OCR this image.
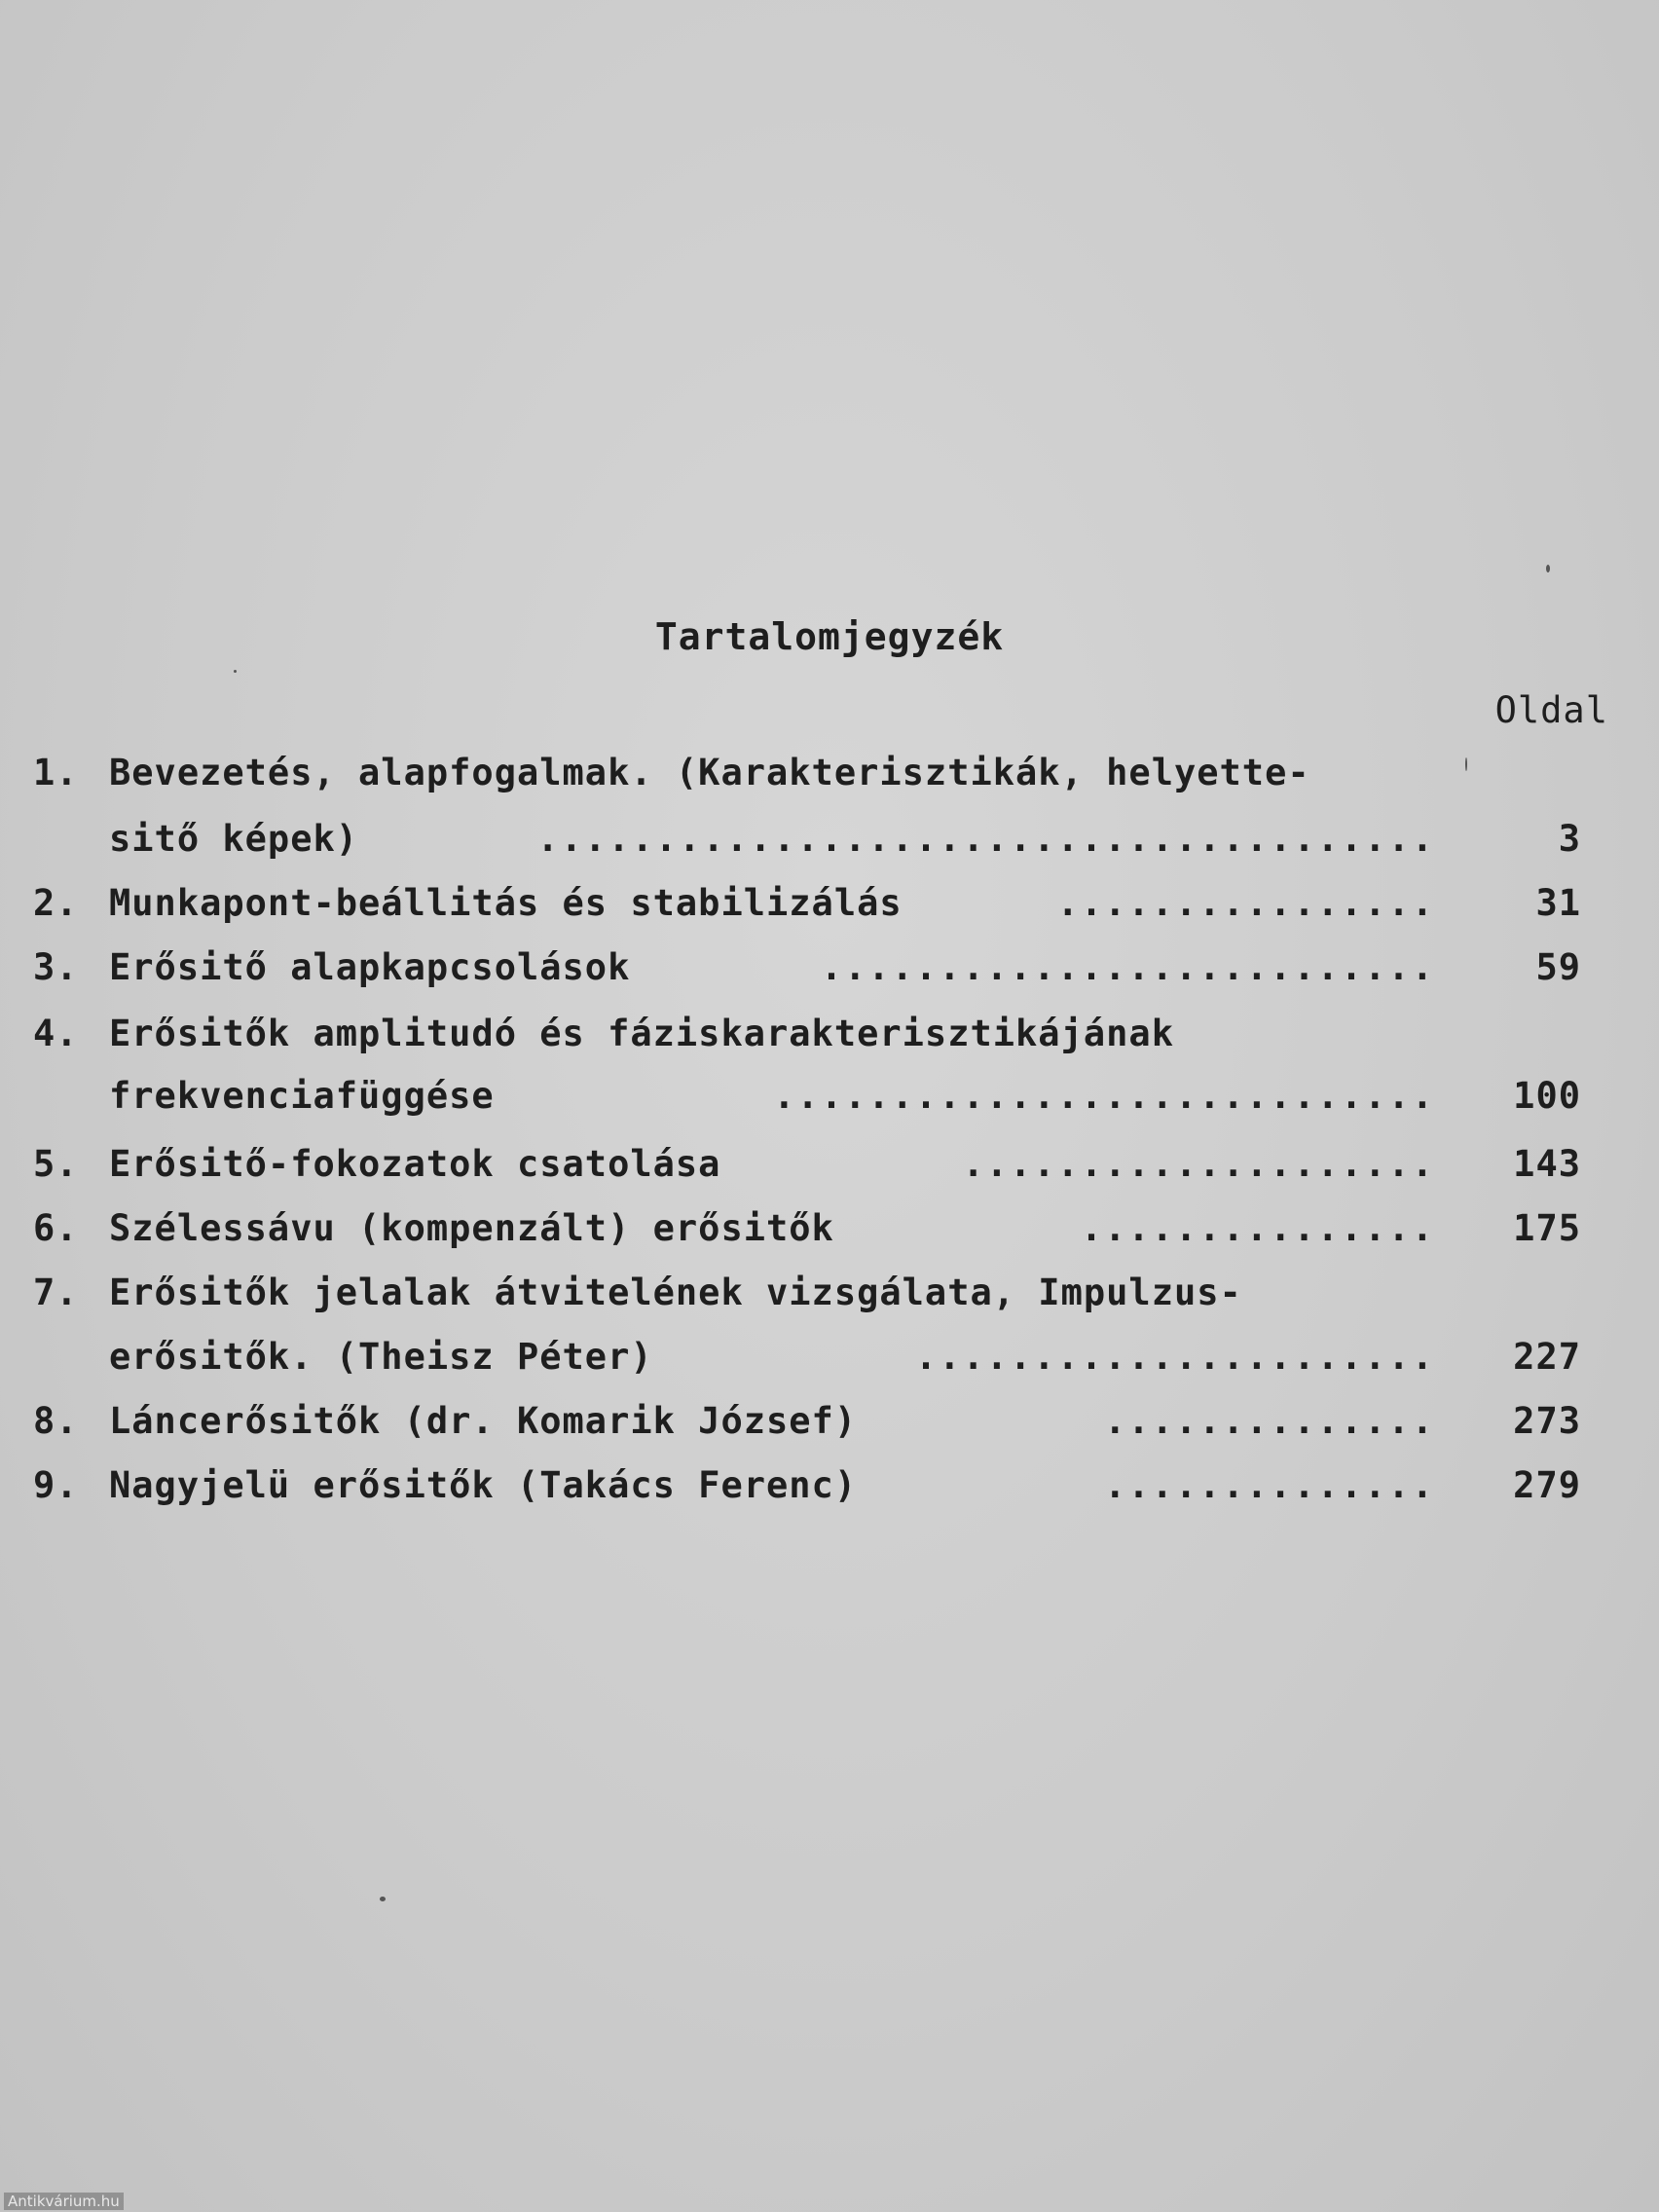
Tartalomjegyzék
Oldal
1. Bevezetés, alapfogalmak. (Karakterisztikák, helyette-
sitő képek)	......................................	3
2. Munkapont-beállitás és stabilizálás	................	31
3. Erősitő alapkapcsolások	..........................	59
4. Erősitők amplitudó és fáziskarakterisztikájának
frekvenciafüggése	............................	100
5. Erősitő-fokozatok csatolása	....................	143
6. Szélessávu (kompenzált) erősitők	...............	175
7. Erősitők jelalak átvitelének vizsgálata, Impulzus-
erősitők. (Theisz Péter)	......................	227
8. Láncerősitők (dr. Komarik József)	..............	273
9. Nagyjelü erősitők (Takács Ferenc)	..............	279
Antikvárium.hu
